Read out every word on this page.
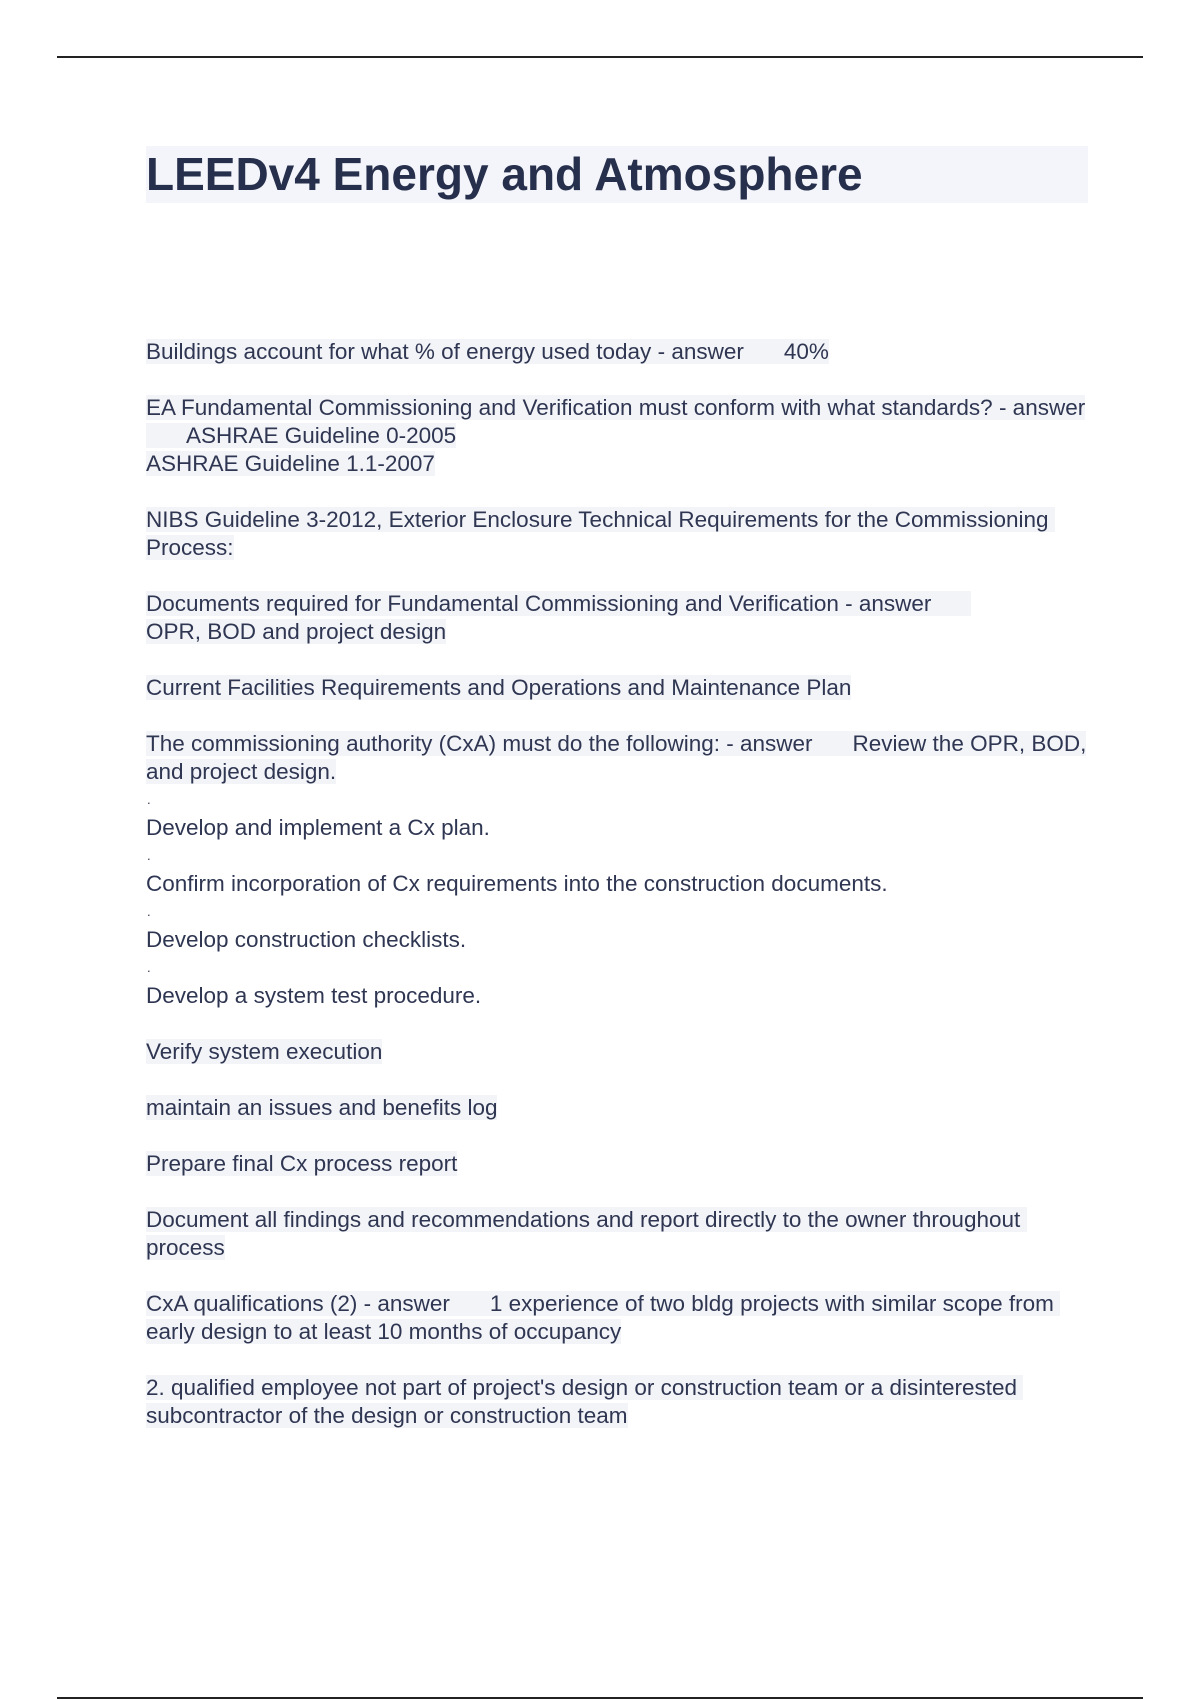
LEEDv4 Energy and Atmosphere
Buildings account for what % of energy used today - answer 40%
EA Fundamental Commissioning and Verification must conform with what standards? - answerASHRAE Guideline 0-2005
ASHRAE Guideline 1.1-2007
NIBS Guideline 3-2012, Exterior Enclosure Technical Requirements for the Commissioning Process:
Documents required for Fundamental Commissioning and Verification - answer
OPR, BOD and project design
Current Facilities Requirements and Operations and Maintenance Plan
The commissioning authority (CxA) must do the following: - answer Review the OPR, BOD, and project design.
.
Develop and implement a Cx plan.
.
Confirm incorporation of Cx requirements into the construction documents.
.
Develop construction checklists.
.
Develop a system test procedure.
Verify system execution
maintain an issues and benefits log
Prepare final Cx process report
Document all findings and recommendations and report directly to the owner throughout process
CxA qualifications (2) - answer 1 experience of two bldg projects with similar scope from early design to at least 10 months of occupancy
2. qualified employee not part of project's design or construction team or a disinterested subcontractor of the design or construction team
